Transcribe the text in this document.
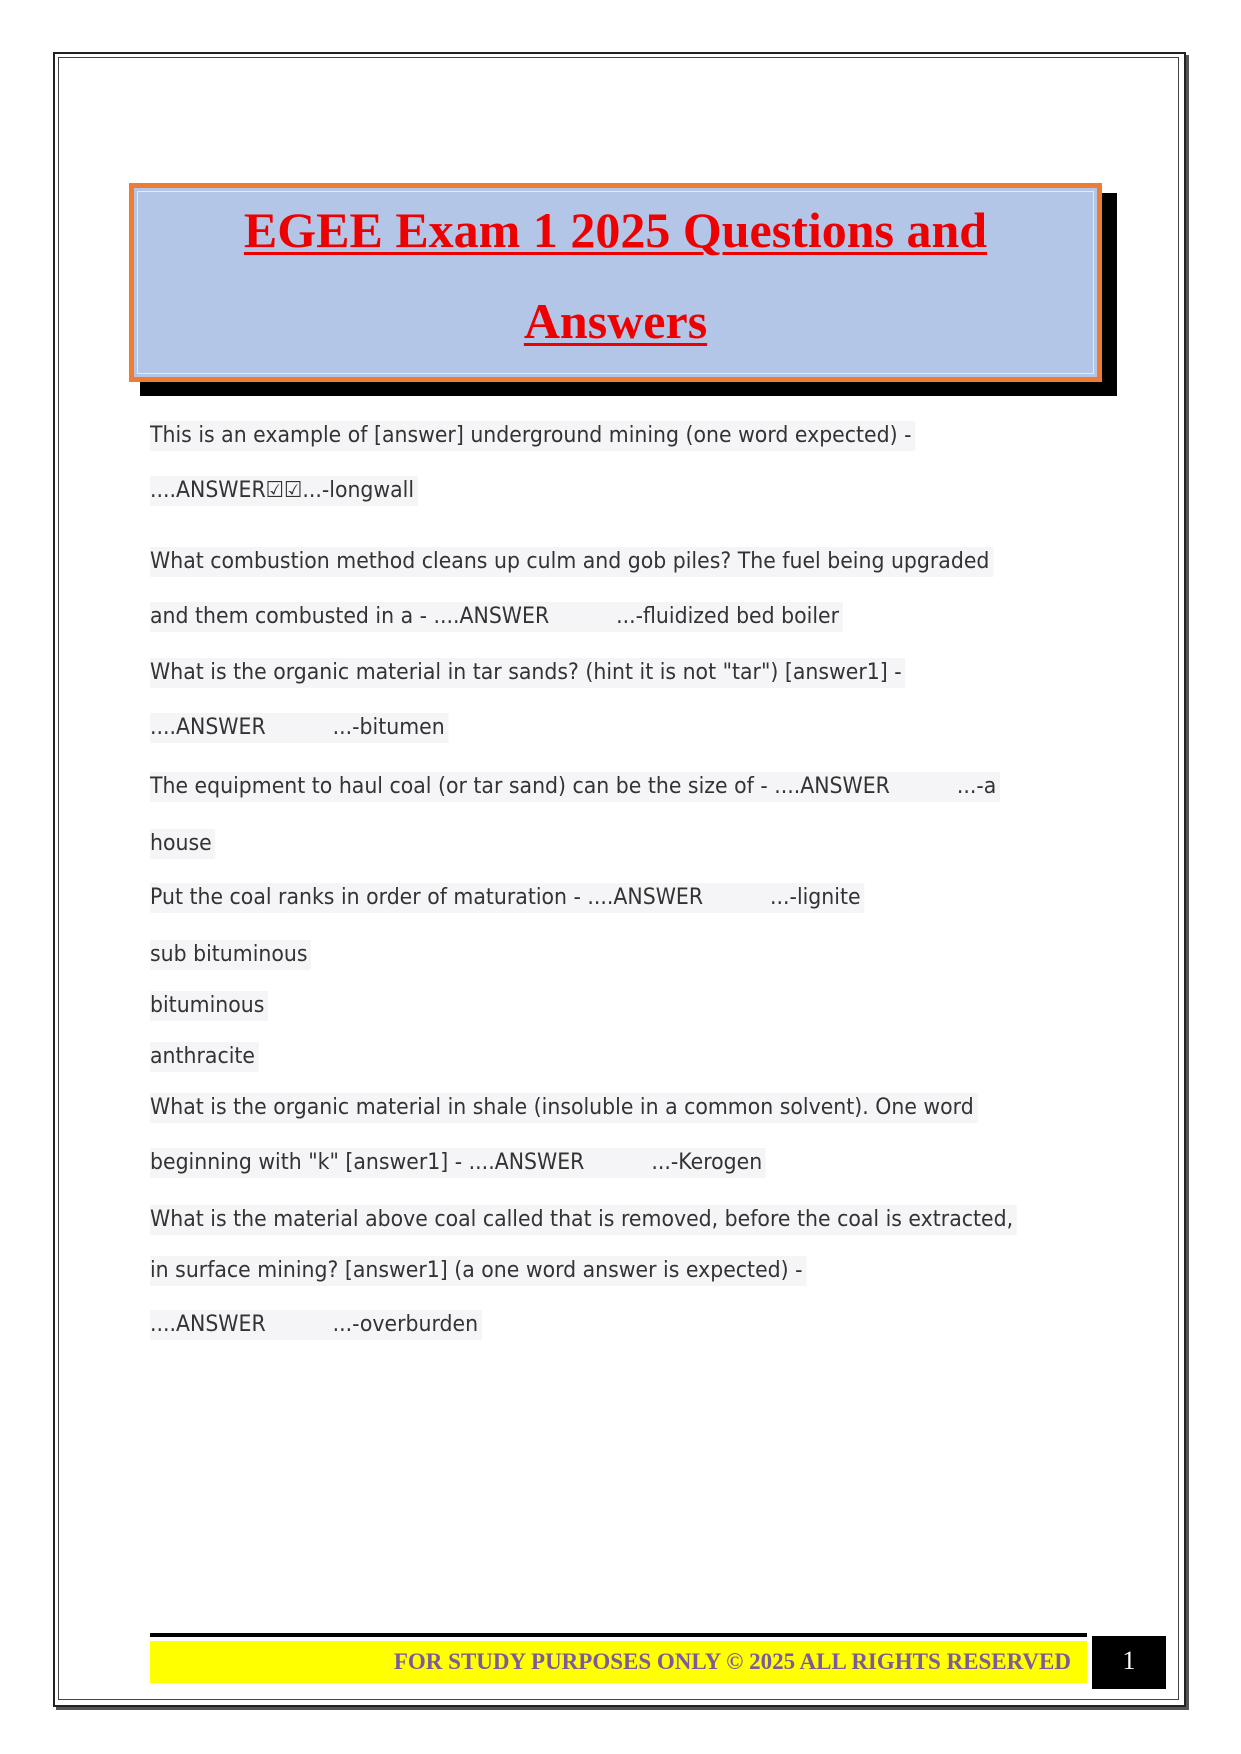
EGEE Exam 1 2025 Questions and

Answers

This is an example of [answer] underground mining (one word expected) -
....ANSWER☑☑...-longwall
What combustion method cleans up culm and gob piles? The fuel being upgraded
and them combusted in a - ....ANSWER	...-fluidized bed boiler
What is the organic material in tar sands? (hint it is not "tar") [answer1] -
....ANSWER	...-bitumen
The equipment to haul coal (or tar sand) can be the size of - ....ANSWER	...-a
house
Put the coal ranks in order of maturation - ....ANSWER	...-lignite
sub bituminous
bituminous
anthracite
What is the organic material in shale (insoluble in a common solvent). One word
beginning with "k" [answer1] - ....ANSWER	...-Kerogen
What is the material above coal called that is removed, before the coal is extracted,
in surface mining? [answer1] (a one word answer is expected) -
....ANSWER	...-overburden
FOR STUDY PURPOSES ONLY © 2025 ALL RIGHTS RESERVED	1
